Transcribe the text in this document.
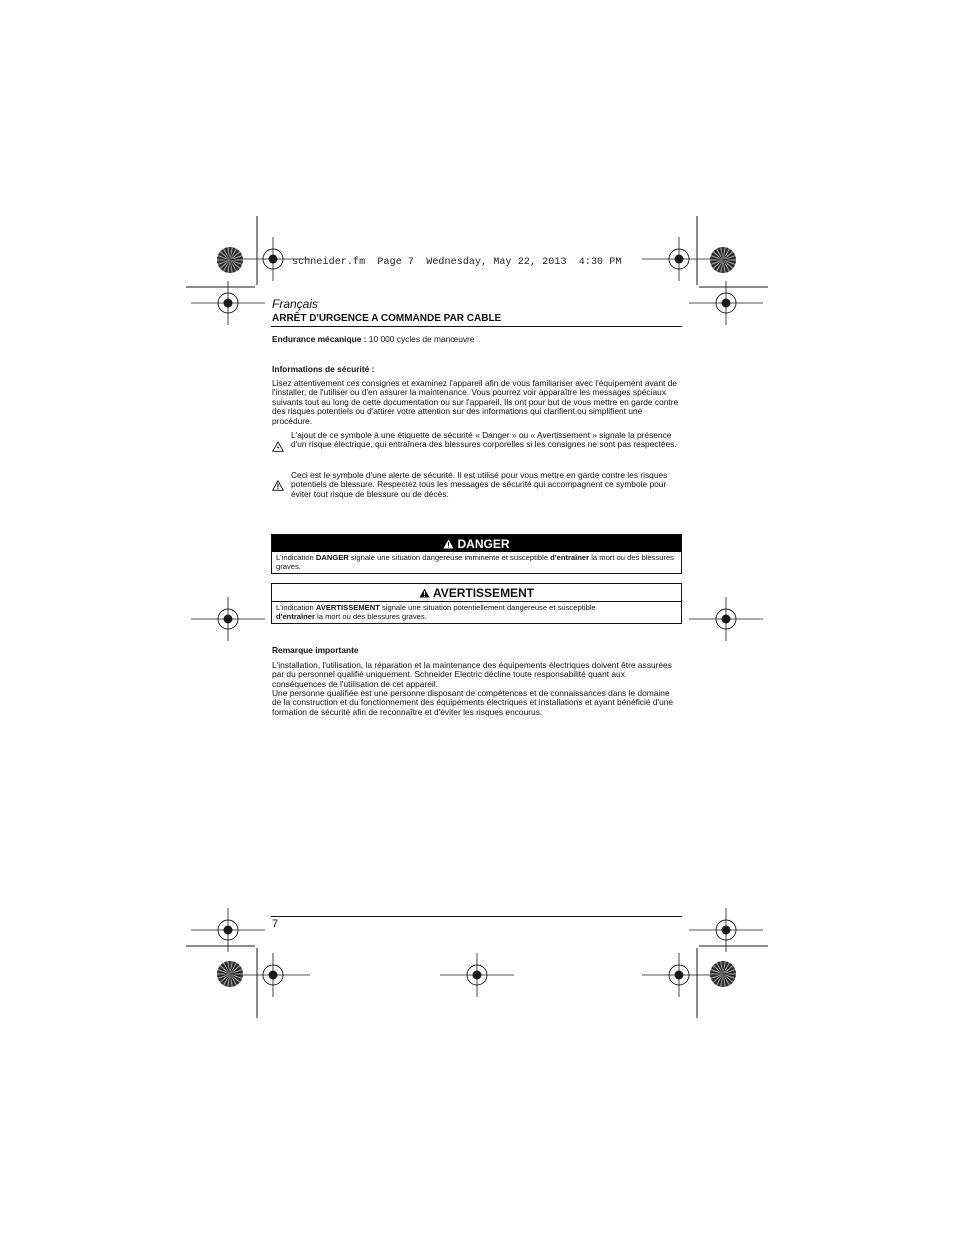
schneider.fm  Page 7  Wednesday, May 22, 2013  4:30 PM
Français
ARRÊT D'URGENCE A COMMANDE PAR CABLE
Endurance mécanique : 10 000 cycles de manœuvre
Informations de sécurité :
Lisez attentivement ces consignes et examinez l'appareil afin de vous familiariser avec l'équipement avant de l'installer, de l'utiliser ou d'en assurer la maintenance. Vous pourrez voir apparaître les messages spéciaux suivants tout au long de cette documentation ou sur l'appareil. Ils ont pour but de vous mettre en garde contre des risques potentiels ou d'attirer votre attention sur des informations qui clarifient ou simplifient une procédure.
L'ajout de ce symbole à une étiquette de sécurité « Danger » ou « Avertissement » signale la présence d'un risque électrique, qui entraînera des blessures corporelles si les consignes ne sont pas respectées.
Ceci est le symbole d'une alerte de sécurité. Il est utilisé pour vous mettre en garde contre les risques potentiels de blessure. Respectez tous les messages de sécurité qui accompagnent ce symbole pour éviter tout risque de blessure ou de décès.
DANGER
L'indication DANGER signale une situation dangereuse imminente et susceptible d'entraîner la mort ou des blessures graves.
AVERTISSEMENT
L'indication AVERTISSEMENT signale une situation potentiellement dangereuse et susceptible
d'entraîner la mort ou des blessures graves.
Remarque importante
L'installation, l'utilisation, la réparation et la maintenance des équipements électriques doivent être assurées par du personnel qualifié uniquement. Schneider Electric décline toute responsabilité quant aux conséquences de l'utilisation de cet appareil.
Une personne qualifiée est une personne disposant de compétences et de connaissances dans le domaine de la construction et du fonctionnement des équipements électriques et installations et ayant bénéficié d'une formation de sécurité afin de reconnaître et d'éviter les risques encourus.
7
